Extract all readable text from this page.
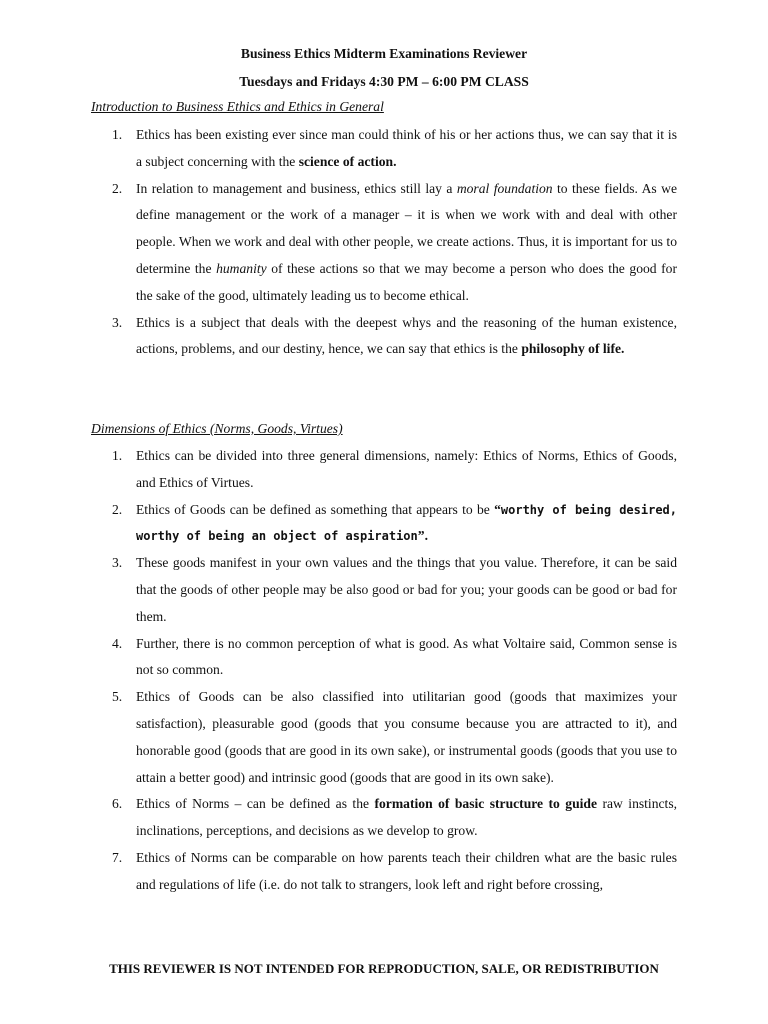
Business Ethics Midterm Examinations Reviewer
Tuesdays and Fridays 4:30 PM – 6:00 PM CLASS
Introduction to Business Ethics and Ethics in General
1. Ethics has been existing ever since man could think of his or her actions thus, we can say that it is a subject concerning with the science of action.
2. In relation to management and business, ethics still lay a moral foundation to these fields. As we define management or the work of a manager – it is when we work with and deal with other people. When we work and deal with other people, we create actions. Thus, it is important for us to determine the humanity of these actions so that we may become a person who does the good for the sake of the good, ultimately leading us to become ethical.
3. Ethics is a subject that deals with the deepest whys and the reasoning of the human existence, actions, problems, and our destiny, hence, we can say that ethics is the philosophy of life.
Dimensions of Ethics (Norms, Goods, Virtues)
1. Ethics can be divided into three general dimensions, namely: Ethics of Norms, Ethics of Goods, and Ethics of Virtues.
2. Ethics of Goods can be defined as something that appears to be “worthy of being desired, worthy of being an object of aspiration”.
3. These goods manifest in your own values and the things that you value. Therefore, it can be said that the goods of other people may be also good or bad for you; your goods can be good or bad for them.
4. Further, there is no common perception of what is good. As what Voltaire said, Common sense is not so common.
5. Ethics of Goods can be also classified into utilitarian good (goods that maximizes your satisfaction), pleasurable good (goods that you consume because you are attracted to it), and honorable good (goods that are good in its own sake), or instrumental goods (goods that you use to attain a better good) and intrinsic good (goods that are good in its own sake).
6. Ethics of Norms – can be defined as the formation of basic structure to guide raw instincts, inclinations, perceptions, and decisions as we develop to grow.
7. Ethics of Norms can be comparable on how parents teach their children what are the basic rules and regulations of life (i.e. do not talk to strangers, look left and right before crossing,
THIS REVIEWER IS NOT INTENDED FOR REPRODUCTION, SALE, OR REDISTRIBUTION
